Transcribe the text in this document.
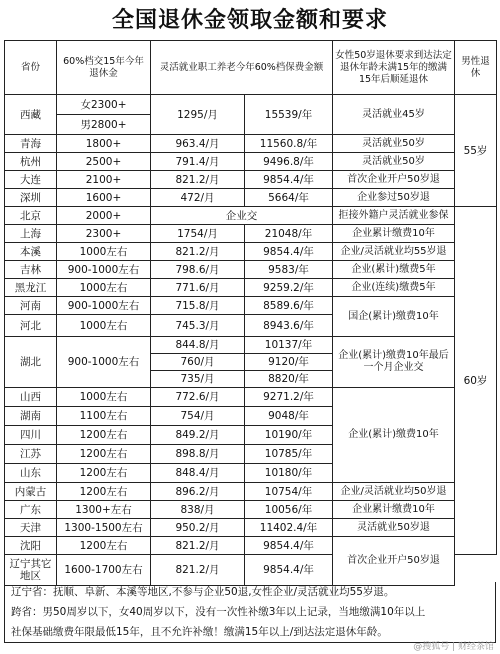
全国退休金领取金额和要求
省份	60%档交15年今年退休金	灵活就业职工养老今年60%档保费金额		女性50岁退休要求到达法定退休年龄未满15年的缴满15年后顺延退休	男性退休
西藏	女2300+	1295/月	15539/年	灵活就业45岁	55岁
	男2800+				
青海	1800+	963.4/月	11560.8/年	灵活就业50岁	
杭州	2500+	791.4/月	9496.8/年	灵活就业50岁	
大连	2100+	821.2/月	9854.4/年	首次企业开户50岁退	
深圳	1600+	472/月	5664/年	企业参过50岁退	
北京	2000+	企业交		拒接外籍户灵活就业参保	60岁
上海	2300+	1754/月	21048/年	企业累计缴费10年	
本溪	1000左右	821.2/月	9854.4/年	企业/灵活就业均55岁退	
吉林	900-1000左右	798.6/月	9583/年	企业(累计)缴费5年	
黑龙江	1000左右	771.6/月	9259.2/年	企业(连续)缴费5年	
河南	900-1000左右	715.8/月	8589.6/年	国企(累计)缴费10年	
河北	1000左右	745.3/月	8943.6/年		
湖北	900-1000左右	844.8/月	10137/年	企业(累计)缴费10年最后一个月企业交	
		760/月	9120/年		
		735/月	8820/年		
山西	1000左右	772.6/月	9271.2/年	企业(累计)缴费10年	
湖南	1100左右	754/月	9048/年		
四川	1200左右	849.2/月	10190/年		
江苏	1200左右	898.8/月	10785/年		
山东	1200左右	848.4/月	10180/年		
内蒙古	1200左右	896.2/月	10754/年	企业/灵活就业均50岁退	
广东	1300+左右	838/月	10056/年	企业累计缴费10年	
天津	1300-1500左右	950.2/月	11402.4/年	灵活就业50岁退	
沈阳	1200左右	821.2/月	9854.4/年	首次企业开户50岁退	
辽宁其它地区	1600-1700左右	821.2/月	9854.4/年		
辽宁省：抚顺、阜新、本溪等地区,不参与企业50退,女性企业/灵活就业均55岁退。
跨省：男50周岁以下，女40周岁以下，没有一次性补缴3年以上记录，当地缴满10年以上
社保基础缴费年限最低15年，且不允许补缴！缴满15年以上/到达法定退休年龄。
@搜狐号 | 财经茶馆
